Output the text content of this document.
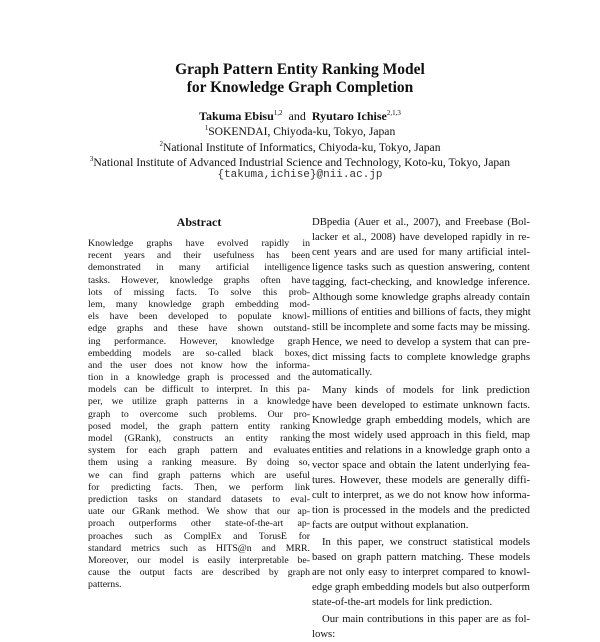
Graph Pattern Entity Ranking Model
for Knowledge Graph Completion
Takuma Ebisu$^{1,2}$ and Ryutaro Ichise$^{2,1,3}$
$^1$SOKENDAI, Chiyoda-ku, Tokyo, Japan
$^2$National Institute of Informatics, Chiyoda-ku, Tokyo, Japan
$^3$National Institute of Advanced Industrial Science and Technology, Koto-ku, Tokyo, Japan
{takuma,ichise}@nii.ac.jp
Abstract
Knowledge graphs have evolved rapidly in
recent years and their usefulness has been
demonstrated in many artificial intelligence
tasks. However, knowledge graphs often have
lots of missing facts. To solve this prob-
lem, many knowledge graph embedding mod-
els have been developed to populate knowl-
edge graphs and these have shown outstand-
ing performance. However, knowledge graph
embedding models are so-called black boxes,
and the user does not know how the informa-
tion in a knowledge graph is processed and the
models can be difficult to interpret. In this pa-
per, we utilize graph patterns in a knowledge
graph to overcome such problems. Our pro-
posed model, the graph pattern entity ranking
model (GRank), constructs an entity ranking
system for each graph pattern and evaluates
them using a ranking measure. By doing so,
we can find graph patterns which are useful
for predicting facts. Then, we perform link
prediction tasks on standard datasets to eval-
uate our GRank method. We show that our ap-
proach outperforms other state-of-the-art ap-
proaches such as ComplEx and TorusE for
standard metrics such as HITS@n and MRR.
Moreover, our model is easily interpretable be-
cause the output facts are described by graph
patterns.
DBpedia (Auer et al., 2007), and Freebase (Bol-
lacker et al., 2008) have developed rapidly in re-
cent years and are used for many artificial intel-
ligence tasks such as question answering, content
tagging, fact-checking, and knowledge inference.
Although some knowledge graphs already contain
millions of entities and billions of facts, they might
still be incomplete and some facts may be missing.
Hence, we need to develop a system that can pre-
dict missing facts to complete knowledge graphs
automatically.
Many kinds of models for link prediction
have been developed to estimate unknown facts.
Knowledge graph embedding models, which are
the most widely used approach in this field, map
entities and relations in a knowledge graph onto a
vector space and obtain the latent underlying fea-
tures. However, these models are generally diffi-
cult to interpret, as we do not know how informa-
tion is processed in the models and the predicted
facts are output without explanation.
In this paper, we construct statistical models
based on graph pattern matching. These models
are not only easy to interpret compared to knowl-
edge graph embedding models but also outperform
state-of-the-art models for link prediction.
Our main contributions in this paper are as fol-
lows:
